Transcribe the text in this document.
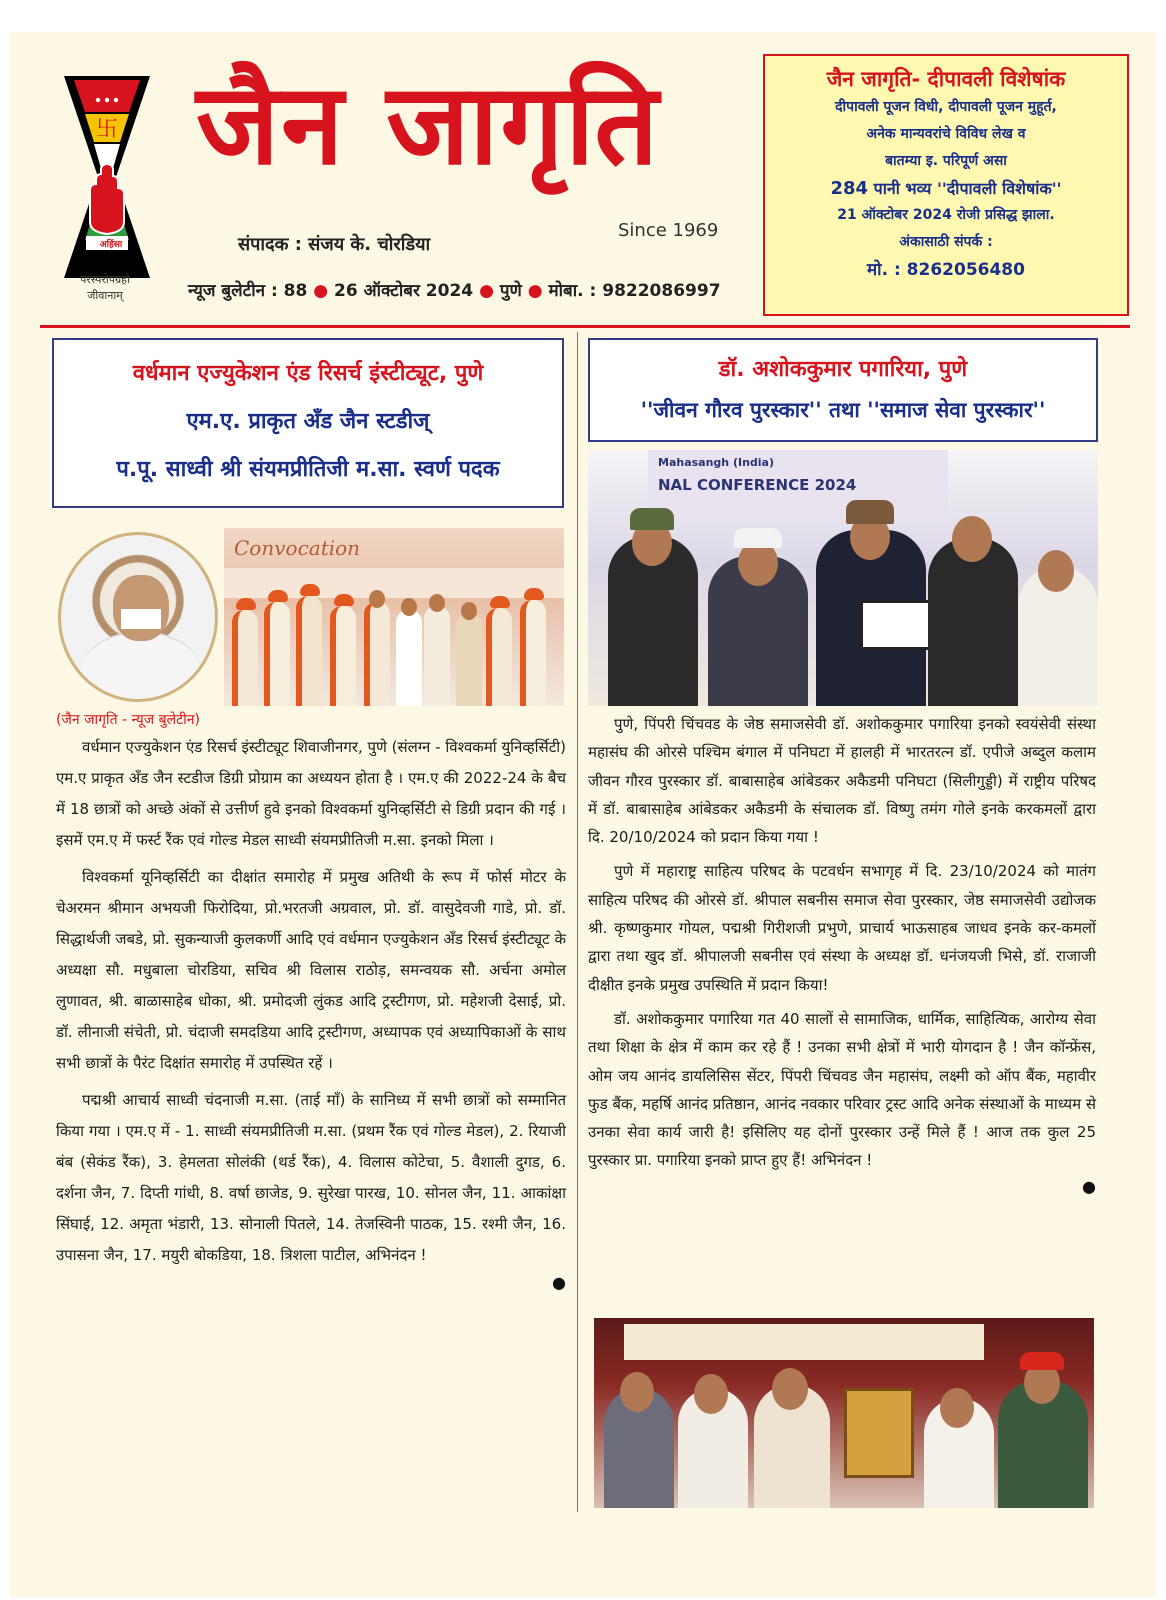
卐
अहिंसा
परस्परोपग्रहो
जीवानाम्
जैन जागृति
Since 1969
संपादक : संजय के. चोरडिया
न्यूज बुलेटीन : 88 ● 26 ऑक्टोबर 2024 ● पुणे ● मोबा. : 9822086997
जैन जागृति- दीपावली विशेषांक
दीपावली पूजन विधी, दीपावली पूजन मुहूर्त,
अनेक मान्यवरांचे विविध लेख व
बातम्या इ. परिपूर्ण असा
284 पानी भव्य ''दीपावली विशेषांक''
21 ऑक्टोबर 2024 रोजी प्रसिद्ध झाला.
अंकासाठी संपर्क :
मो. : 8262056480
वर्धमान एज्युकेशन एंड रिसर्च इंस्टीट्यूट, पुणे
एम.ए. प्राकृत अँड जैन स्टडीज्
प.पू. साध्वी श्री संयमप्रीतिजी म.सा. स्वर्ण पदक
Convocation
(जैन जागृति - न्यूज बुलेटीन)

वर्धमान एज्युकेशन एंड रिसर्च इंस्टीट्यूट शिवाजीनगर, पुणे (संलग्न - विश्वकर्मा युनिव्हर्सिटी) एम.ए प्राकृत अँड जैन स्टडीज डिग्री प्रोग्राम का अध्ययन होता है । एम.ए की 2022-24 के बैच में 18 छात्रों को अच्छे अंकों से उत्तीर्ण हुवे इनको विश्वकर्मा युनिव्हर्सिटी से डिग्री प्रदान की गई । इसमें एम.ए में फर्स्ट रैंक एवं गोल्ड मेडल साध्वी संयमप्रीतिजी म.सा. इनको मिला ।

विश्वकर्मा यूनिव्हर्सिटी का दीक्षांत समारोह में प्रमुख अतिथी के रूप में फोर्स मोटर के चेअरमन श्रीमान अभयजी फिरोदिया, प्रो.भरतजी अग्रवाल, प्रो. डॉ. वासुदेवजी गाडे, प्रो. डॉ. सिद्धार्थजी जबडे, प्रो. सुकन्याजी कुलकर्णी आदि एवं वर्धमान एज्युकेशन अँड रिसर्च इंस्टीट्यूट के अध्यक्षा सौ. मधुबाला चोरडिया, सचिव श्री विलास राठोड़, समन्वयक सौ. अर्चना अमोल लुणावत, श्री. बाळासाहेब धोका, श्री. प्रमोदजी लुंकड आदि ट्रस्टीगण, प्रो. महेशजी देसाई, प्रो. डॉ. लीनाजी संचेती, प्रो. चंदाजी समदडिया आदि ट्रस्टीगण, अध्यापक एवं अध्यापिकाओं के साथ सभी छात्रों के पैरंट दिक्षांत समारोह में उपस्थित रहें ।

पद्मश्री आचार्य साध्वी चंदनाजी म.सा. (ताई माँ) के सानिध्य में सभी छात्रों को सम्मानित किया गया । एम.ए में - 1. साध्वी संयमप्रीतिजी म.सा. (प्रथम रैंक एवं गोल्ड मेडल), 2. रियाजी बंब (सेकंड रैंक), 3. हेमलता सोलंकी (थर्ड रैंक), 4. विलास कोटेचा, 5. वैशाली दुगड, 6. दर्शना जैन, 7. दिप्ती गांधी, 8. वर्षा छाजेड, 9. सुरेखा पारख, 10. सोनल जैन, 11. आकांक्षा सिंघाई, 12. अमृता भंडारी, 13. सोनाली पितले, 14. तेजस्विनी पाठक, 15. रश्मी जैन, 16. उपासना जैन, 17. मयुरी बोकडिया, 18. त्रिशला पाटील, अभिनंदन !

●
डॉ. अशोककुमार पगारिया, पुणे
''जीवन गौरव पुरस्कार'' तथा ''समाज सेवा पुरस्कार''
Mahasangh (India)
NAL CONFERENCE 2024

पुणे, पिंपरी चिंचवड के जेष्ठ समाजसेवी डॉ. अशोककुमार पगारिया इनको स्वयंसेवी संस्था महासंघ की ओरसे पश्चिम बंगाल में पनिघटा में हालही में भारतरत्न डॉ. एपीजे अब्दुल कलाम जीवन गौरव पुरस्कार डॉ. बाबासाहेब आंबेडकर अकैडमी पनिघटा (सिलीगुड्डी) में राष्ट्रीय परिषद में डॉ. बाबासाहेब आंबेडकर अकैडमी के संचालक डॉ. विष्णु तमंग गोले इनके करकमलों द्वारा दि. 20/10/2024 को प्रदान किया गया !

पुणे में महाराष्ट्र साहित्य परिषद के पटवर्धन सभागृह में दि. 23/10/2024 को मातंग साहित्य परिषद की ओरसे डॉ. श्रीपाल सबनीस समाज सेवा पुरस्कार, जेष्ठ समाजसेवी उद्योजक श्री. कृष्णकुमार गोयल, पद्मश्री गिरीशजी प्रभुणे, प्राचार्य भाऊसाहब जाधव इनके कर-कमलों द्वारा तथा खुद डॉ. श्रीपालजी सबनीस एवं संस्था के अध्यक्ष डॉ. धनंजयजी भिसे, डॉ. राजाजी दीक्षीत इनके प्रमुख उपस्थिति में प्रदान किया!

डॉ. अशोककुमार पगारिया गत 40 सालों से सामाजिक, धार्मिक, साहित्यिक, आरोग्य सेवा तथा शिक्षा के क्षेत्र में काम कर रहे हैं ! उनका सभी क्षेत्रों में भारी योगदान है ! जैन कॉन्फ्रेंस, ओम जय आनंद डायलिसिस सेंटर, पिंपरी चिंचवड जैन महासंघ, लक्ष्मी को ऑप बैंक, महावीर फुड बैंक, महर्षि आनंद प्रतिष्ठान, आनंद नवकार परिवार ट्रस्ट आदि अनेक संस्थाओं के माध्यम से उनका सेवा कार्य जारी है! इसिलिए यह दोनों पुरस्कार उन्हें मिले हैं ! आज तक कुल 25 पुरस्कार प्रा. पगारिया इनको प्राप्त हुए हैं! अभिनंदन !

●
